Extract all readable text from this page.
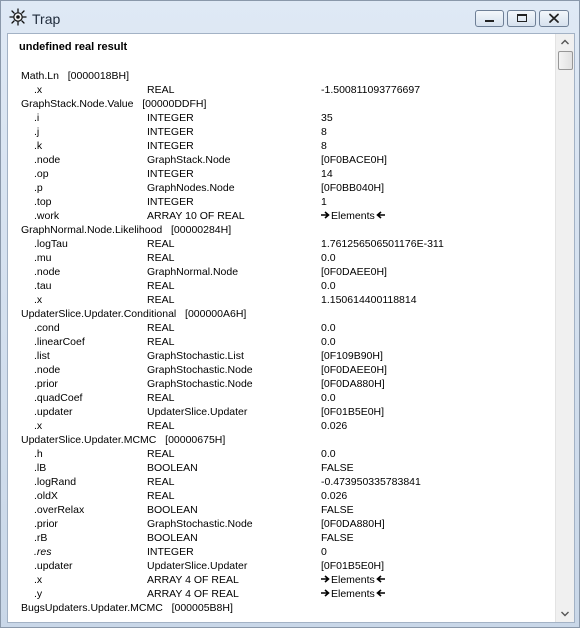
Trap
undefined real result
Math.Ln [0000018BH]
.x	REAL	-1.500811093776697
GraphStack.Node.Value [00000DDFH]
.i	INTEGER	35
.j	INTEGER	8
.k	INTEGER	8
.node	GraphStack.Node	[0F0BACE0H]
.op	INTEGER	14
.p	GraphNodes.Node	[0F0BB040H]
.top	INTEGER	1
.work	ARRAY 10 OF REAL	Elements
GraphNormal.Node.Likelihood [00000284H]
.logTau	REAL	1.761256506501176E-311
.mu	REAL	0.0
.node	GraphNormal.Node	[0F0DAEE0H]
.tau	REAL	0.0
.x	REAL	1.150614400118814
UpdaterSlice.Updater.Conditional [000000A6H]
.cond	REAL	0.0
.linearCoef	REAL	0.0
.list	GraphStochastic.List	[0F109B90H]
.node	GraphStochastic.Node	[0F0DAEE0H]
.prior	GraphStochastic.Node	[0F0DA880H]
.quadCoef	REAL	0.0
.updater	UpdaterSlice.Updater	[0F01B5E0H]
.x	REAL	0.026
UpdaterSlice.Updater.MCMC [00000675H]
.h	REAL	0.0
.lB	BOOLEAN	FALSE
.logRand	REAL	-0.473950335783841
.oldX	REAL	0.026
.overRelax	BOOLEAN	FALSE
.prior	GraphStochastic.Node	[0F0DA880H]
.rB	BOOLEAN	FALSE
.res	INTEGER	0
.updater	UpdaterSlice.Updater	[0F01B5E0H]
.x	ARRAY 4 OF REAL	Elements
.y	ARRAY 4 OF REAL	Elements
BugsUpdaters.Updater.MCMC [000005B8H]
